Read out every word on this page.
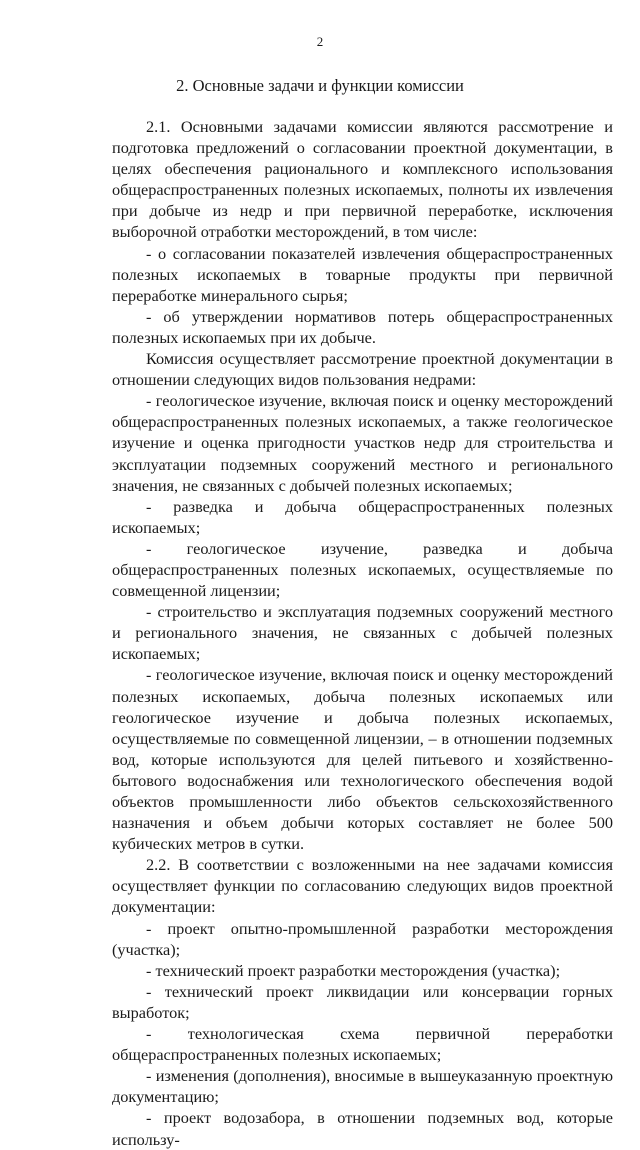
2
2. Основные задачи и функции комиссии

2.1. Основными задачами комиссии являются рассмотрение и подготовка предложений о согласовании проектной документации, в целях обеспечения рационального и комплексного использования общераспространенных полезных ископаемых, полноты их извлечения при добыче из недр и при первичной переработке, исключения выборочной отработки месторождений, в том числе:

- о согласовании показателей извлечения общераспространенных полезных ископаемых в товарные продукты при первичной переработке минерального сырья;

- об утверждении нормативов потерь общераспространенных полезных ископаемых при их добыче.

Комиссия осуществляет рассмотрение проектной документации в отношении следующих видов пользования недрами:

- геологическое изучение, включая поиск и оценку месторождений общераспространенных полезных ископаемых, а также геологическое изучение и оценка пригодности участков недр для строительства и эксплуатации подземных сооружений местного и регионального значения, не связанных с добычей полезных ископаемых;

- разведка и добыча общераспространенных полезных ископаемых;

- геологическое изучение, разведка и добыча общераспространенных полезных ископаемых, осуществляемые по совмещенной лицензии;

- строительство и эксплуатация подземных сооружений местного и регионального значения, не связанных с добычей полезных ископаемых;

- геологическое изучение, включая поиск и оценку месторождений полезных ископаемых, добыча полезных ископаемых или геологическое изучение и добыча полезных ископаемых, осуществляемые по совмещенной лицензии, – в отношении подземных вод, которые используются для целей питьевого и хозяйственно-бытового водоснабжения или технологического обеспечения водой объектов промышленности либо объектов сельскохозяйственного назначения и объем добычи которых составляет не более 500 кубических метров в сутки.

2.2. В соответствии с возложенными на нее задачами комиссия осуществляет функции по согласованию следующих видов проектной документации:

- проект опытно-промышленной разработки месторождения (участка);

- технический проект разработки месторождения (участка);

- технический проект ликвидации или консервации горных выработок;

- технологическая схема первичной переработки общераспространенных полезных ископаемых;

- изменения (дополнения), вносимые в вышеуказанную проектную документацию;

- проект водозабора, в отношении подземных вод, которые использу-
